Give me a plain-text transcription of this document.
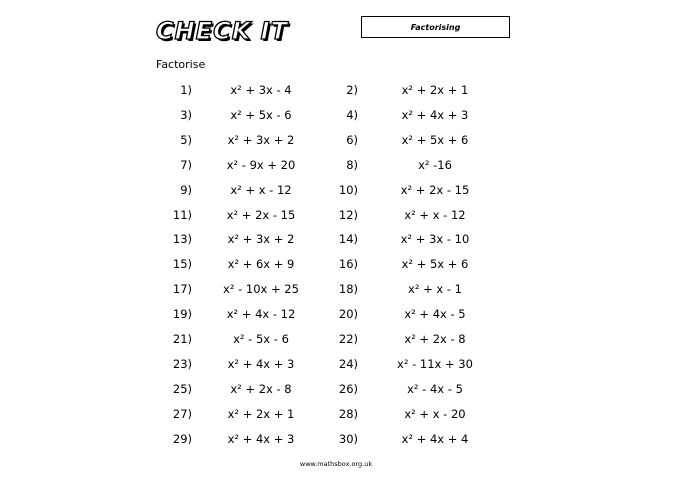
CHECK IT	Factorising
Factorise
1)	x² + 3x - 4	2)	x² + 2x + 1
3)	x² + 5x - 6	4)	x² + 4x + 3
5)	x² + 3x + 2	6)	x² + 5x + 6
7)	x² - 9x + 20	8)	x² -16
9)	x² + x - 12	10)	x² + 2x - 15
11)	x² + 2x - 15	12)	x² + x - 12
13)	x² + 3x + 2	14)	x² + 3x - 10
15)	x² + 6x + 9	16)	x² + 5x + 6
17)	x² - 10x + 25	18)	x² + x - 1
19)	x² + 4x - 12	20)	x² + 4x - 5
21)	x² - 5x - 6	22)	x² + 2x - 8
23)	x² + 4x + 3	24)	x² - 11x + 30
25)	x² + 2x - 8	26)	x² - 4x - 5
27)	x² + 2x + 1	28)	x² + x - 20
29)	x² + 4x + 3	30)	x² + 4x + 4
www.mathsbox.org.uk
